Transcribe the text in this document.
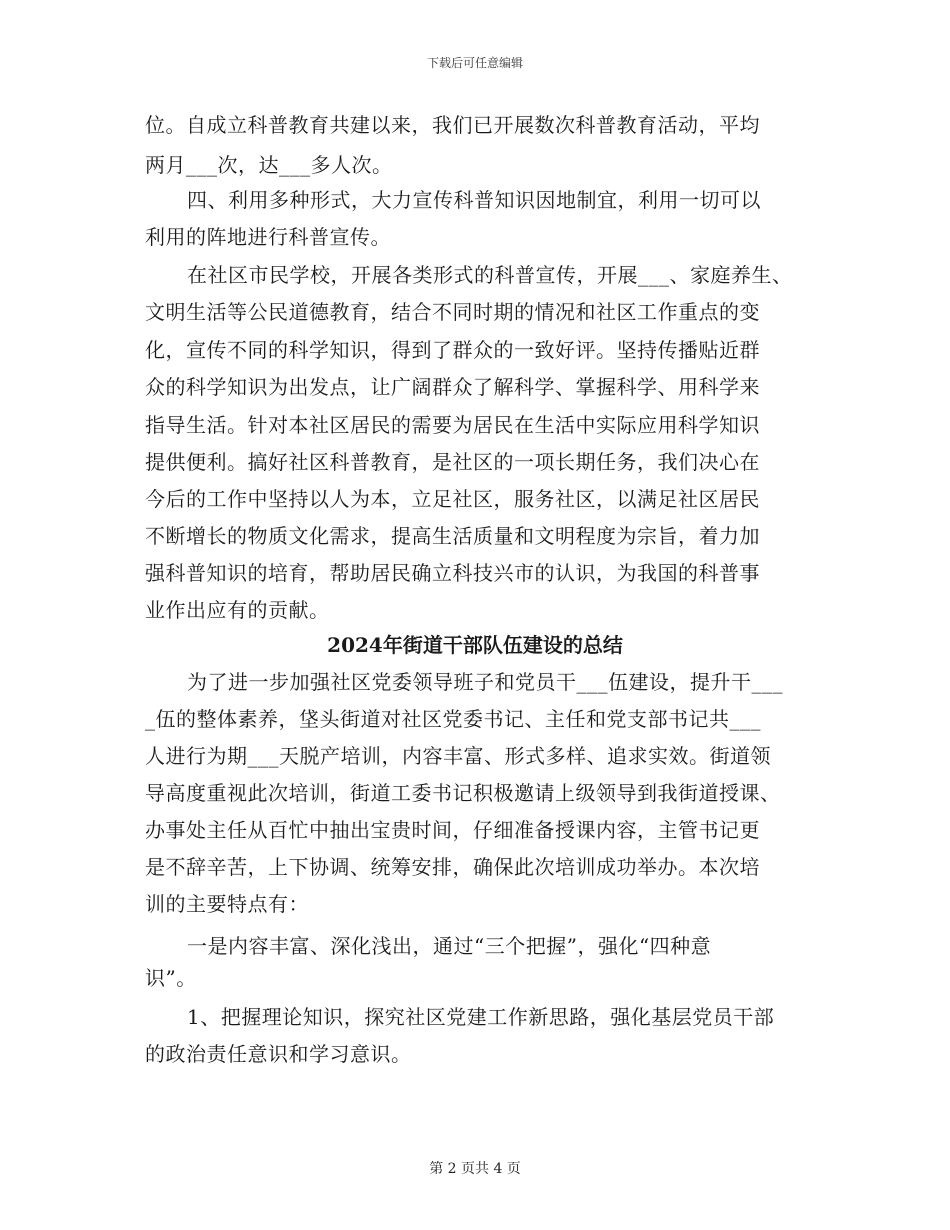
下载后可任意编辑
位。自成立科普教育共建以来，我们已开展数次科普教育活动，平均
两月___次，达___多人次。
四、利用多种形式，大力宣传科普知识因地制宜，利用一切可以
利用的阵地进行科普宣传。
在社区市民学校，开展各类形式的科普宣传，开展___、家庭养生、
文明生活等公民道德教育，结合不同时期的情况和社区工作重点的变
化，宣传不同的科学知识，得到了群众的一致好评。坚持传播贴近群
众的科学知识为出发点，让广阔群众了解科学、掌握科学、用科学来
指导生活。针对本社区居民的需要为居民在生活中实际应用科学知识
提供便利。搞好社区科普教育，是社区的一项长期任务，我们决心在
今后的工作中坚持以人为本，立足社区，服务社区，以满足社区居民
不断增长的物质文化需求，提高生活质量和文明程度为宗旨，着力加
强科普知识的培育，帮助居民确立科技兴市的认识，为我国的科普事
业作出应有的贡献。
2024年街道干部队伍建设的总结
为了进一步加强社区党委领导班子和党员干___伍建设，提升干___
_伍的整体素养，垡头街道对社区党委书记、主任和党支部书记共___
人进行为期___天脱产培训，内容丰富、形式多样、追求实效。街道领
导高度重视此次培训，街道工委书记积极邀请上级领导到我街道授课、
办事处主任从百忙中抽出宝贵时间，仔细准备授课内容，主管书记更
是不辞辛苦，上下协调、统筹安排，确保此次培训成功举办。本次培
训的主要特点有：
一是内容丰富、深化浅出，通过“三个把握”，强化“四种意
识”。
1、把握理论知识，探究社区党建工作新思路，强化基层党员干部
的政治责任意识和学习意识。
第 2 页共 4 页
